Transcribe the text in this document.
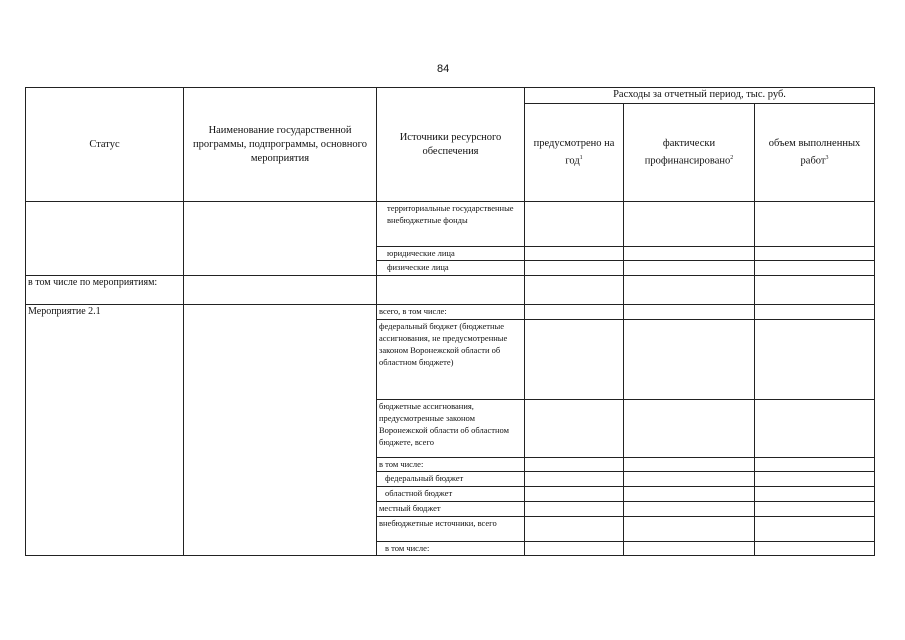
84
Статус	Наименование государственной программы, подпрограммы, основного мероприятия	Источники ресурсного обеспечения	Расходы за отчетный период, тыс. руб.		
			предусмотрено на год$^1$	фактически профинансировано$^2$	объем выполненных работ$^3$
		территориальные государственные внебюджетные фонды			
		юридические лица			
		физические лица			
в том числе по мероприятиям:					
Мероприятие 2.1		всего, в том числе:			
		федеральный бюджет (бюджетные ассигнования, не предусмотренные законом Воронежской области об областном бюджете)			
		бюджетные ассигнования, предусмотренные законом Воронежской области об областном бюджете, всего			
		в том числе:			
		федеральный бюджет			
		областной бюджет			
		местный бюджет			
		внебюджетные источники, всего			
		в том числе:			
